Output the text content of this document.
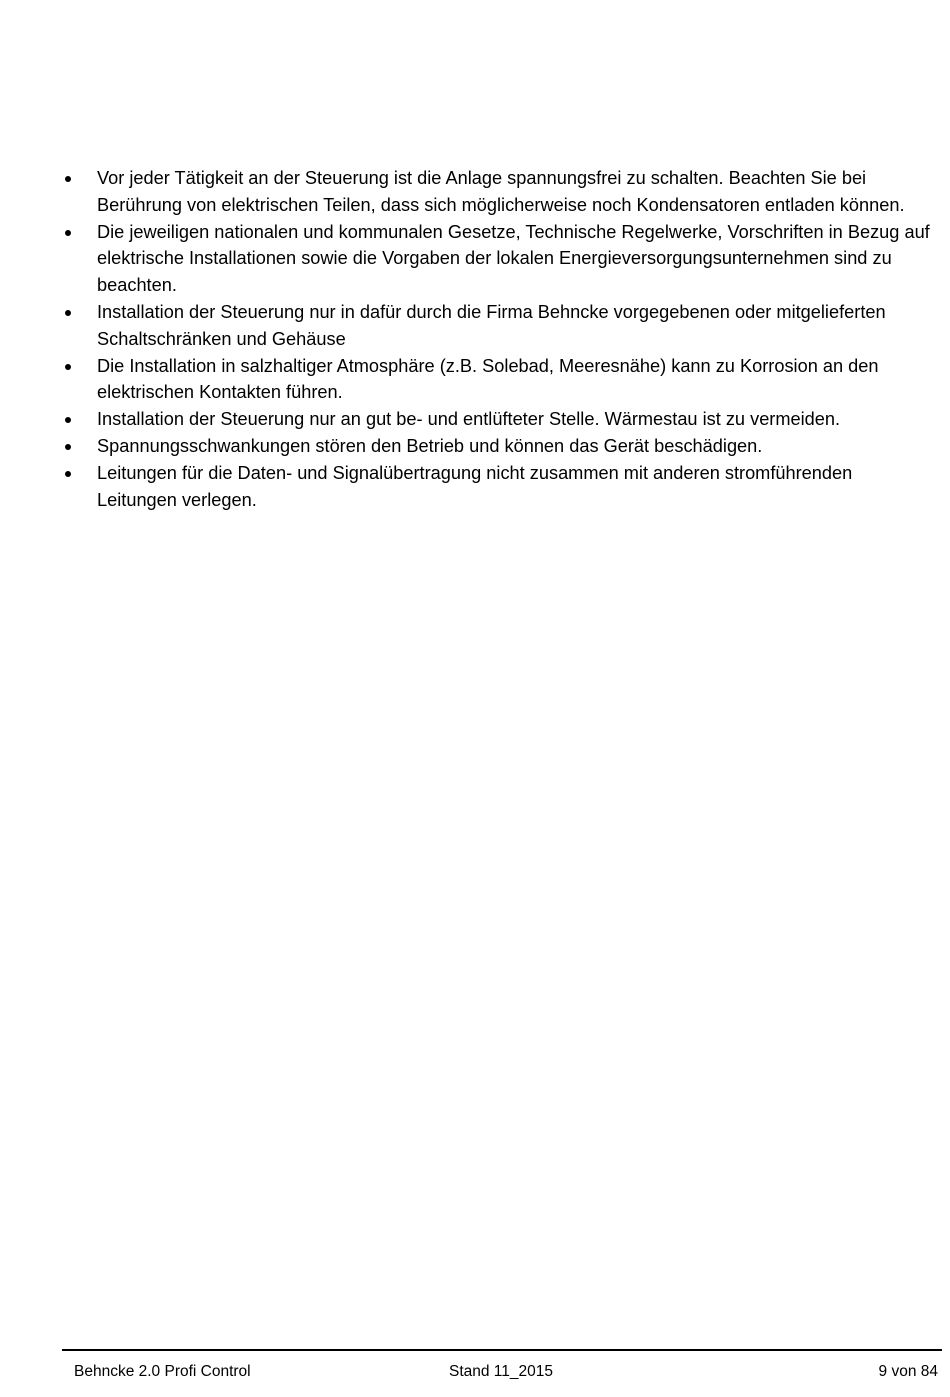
Vor jeder Tätigkeit an der Steuerung ist die Anlage spannungsfrei zu schalten. Beachten Sie bei Berührung von elektrischen Teilen, dass sich möglicherweise noch Kondensatoren entladen können.
Die jeweiligen nationalen und kommunalen Gesetze, Technische Regelwerke, Vorschriften in Bezug auf elektrische Installationen sowie die Vorgaben der lokalen Energieversorgungsunternehmen sind zu beachten.
Installation der Steuerung nur in dafür durch die Firma Behncke vorgegebenen oder mitgelieferten Schaltschränken und Gehäuse
Die Installation in salzhaltiger Atmosphäre (z.B. Solebad, Meeresnähe) kann zu Korrosion an den elektrischen Kontakten führen.
Installation der Steuerung nur an gut be- und entlüfteter Stelle. Wärmestau ist zu vermeiden.
Spannungsschwankungen stören den Betrieb und können das Gerät beschädigen.
Leitungen für die Daten- und Signalübertragung nicht zusammen mit anderen stromführenden Leitungen verlegen.
Behncke 2.0 Profi Control	Stand 11_2015	9 von 84
